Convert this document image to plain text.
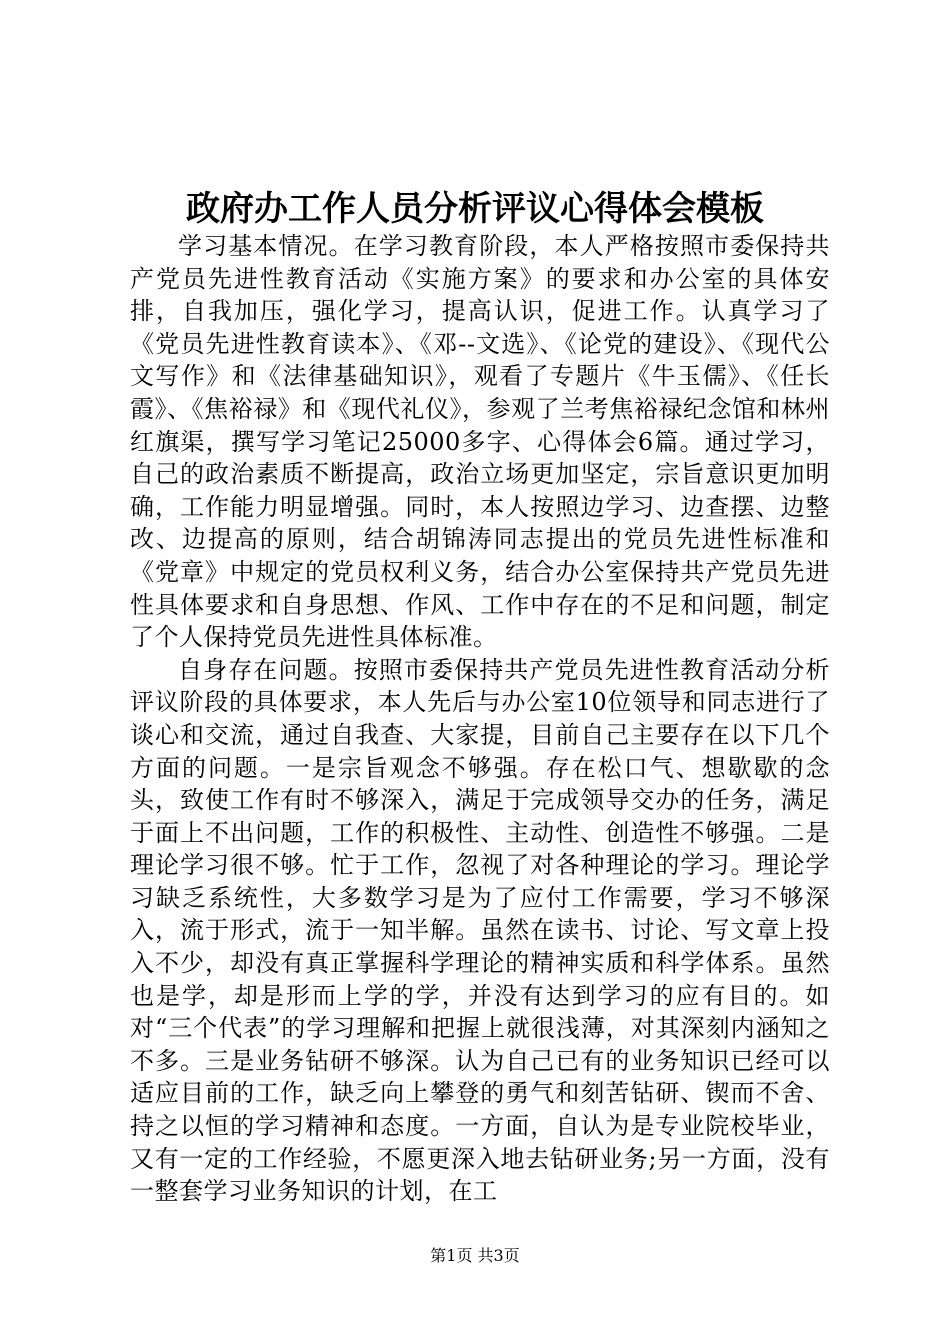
政府办工作人员分析评议心得体会模板

学习基本情况。在学习教育阶段，本人严格按照市委保持共产党员先进性教育活动《实施方案》的要求和办公室的具体安排，自我加压，强化学习，提高认识，促进工作。认真学习了《党员先进性教育读本》、《邓--文选》、《论党的建设》、《现代公文写作》和《法律基础知识》，观看了专题片《牛玉儒》、《任长霞》、《焦裕禄》和《现代礼仪》，参观了兰考焦裕禄纪念馆和林州红旗渠，撰写学习笔记25000多字、心得体会6篇。通过学习，自己的政治素质不断提高，政治立场更加坚定，宗旨意识更加明确，工作能力明显增强。同时，本人按照边学习、边查摆、边整改、边提高的原则，结合胡锦涛同志提出的党员先进性标准和《党章》中规定的党员权利义务，结合办公室保持共产党员先进性具体要求和自身思想、作风、工作中存在的不足和问题，制定了个人保持党员先进性具体标准。

自身存在问题。按照市委保持共产党员先进性教育活动分析评议阶段的具体要求，本人先后与办公室10位领导和同志进行了谈心和交流，通过自我查、大家提，目前自己主要存在以下几个方面的问题。一是宗旨观念不够强。存在松口气、想歇歇的念头，致使工作有时不够深入，满足于完成领导交办的任务，满足于面上不出问题，工作的积极性、主动性、创造性不够强。二是理论学习很不够。忙于工作，忽视了对各种理论的学习。理论学习缺乏系统性，大多数学习是为了应付工作需要，学习不够深入，流于形式，流于一知半解。虽然在读书、讨论、写文章上投入不少，却没有真正掌握科学理论的精神实质和科学体系。虽然也是学，却是形而上学的学，并没有达到学习的应有目的。如对“三个代表”的学习理解和把握上就很浅薄，对其深刻内涵知之不多。三是业务钻研不够深。认为自己已有的业务知识已经可以适应目前的工作，缺乏向上攀登的勇气和刻苦钻研、锲而不舍、持之以恒的学习精神和态度。一方面，自认为是专业院校毕业，又有一定的工作经验，不愿更深入地去钻研业务;另一方面，没有一整套学习业务知识的计划，在工

第1页 共3页
